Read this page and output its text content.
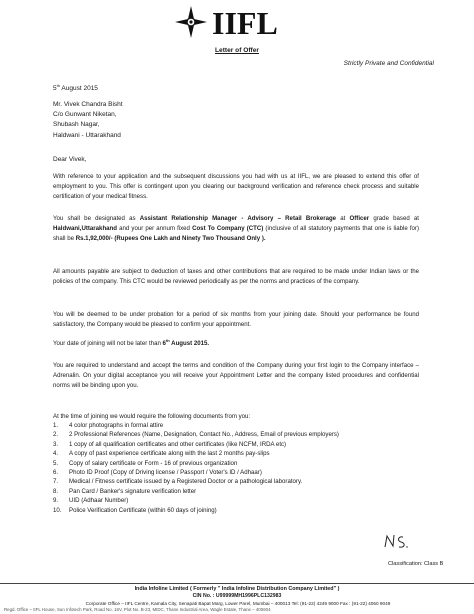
IIFL
Letter of Offer
Strictly Private and Confidential
5th August 2015
Mr. Vivek Chandra Bisht
C/o Gunwant Niketan,
Shubash Nagar,
Haldwani - Uttarakhand
Dear Vivek,
With reference to your application and the subsequent discussions you had with us at IIFL, we are pleased to extend this offer of employment to you. This offer is contingent upon you clearing our background verification and reference check process and suitable certification of your medical fitness.
You shall be designated as Assistant Relationship Manager - Advisory – Retail Brokerage at Officer grade based at Haldwani,Uttarakhand and your per annum fixed Cost To Company (CTC) (inclusive of all statutory payments that one is liable for) shall be Rs.1,92,000/- (Rupees One Lakh and Ninety Two Thousand Only ).
All amounts payable are subject to deduction of taxes and other contributions that are required to be made under Indian laws or the policies of the company. This CTC would be reviewed periodically as per the norms and practices of the company.
You will be deemed to be under probation for a period of six months from your joining date. Should your performance be found satisfactory, the Company would be pleased to confirm your appointment.
Your date of joining will not be later than 6th August 2015.
You are required to understand and accept the terms and condition of the Company during your first login to the Company interface – Adrenalin. On your digital acceptance you will receive your Appointment Letter and the company listed procedures and confidential norms will be binding upon you.
At the time of joining we would require the following documents from you:
1.	4 color photographs in formal attire
2.	2 Professional References (Name, Designation, Contact No., Address, Email of previous employers)
3.	1 copy of all qualification certificates and other certificates (like NCFM, IRDA etc)
4.	A copy of past experience certificate along with the last 2 months pay-slips
5.	Copy of salary certificate or Form - 16 of previous organization
6.	Photo ID Proof (Copy of Driving license / Passport / Voter's ID / Adhaar)
7.	Medical / Fitness certificate issued by a Registered Doctor or a pathological laboratory.
8.	Pan Card / Banker's signature verification letter
9.	UID (Adhaar Number)
10.	Police Verification Certificate (within 60 days of joining)
Classification: Class B
India Infoline Limited ( Formerly " India Infoline Distribution Company Limited" )
CIN No. : U99999MH1996PLC132983
Corporate Office – IIFL Centre, Kamala City, Senapati Bapat Marg, Lower Parel, Mumbai – 400013 Tel: (91-22) 4249 9000 Fax : (91-22) 4060 9049
Regd. Office – IIFL House, Sun Infotech Park, Road No. 16V, Plot No. B-23, MIDC, Thane Industrial Area, Wagle Estate, Thane – 400604
